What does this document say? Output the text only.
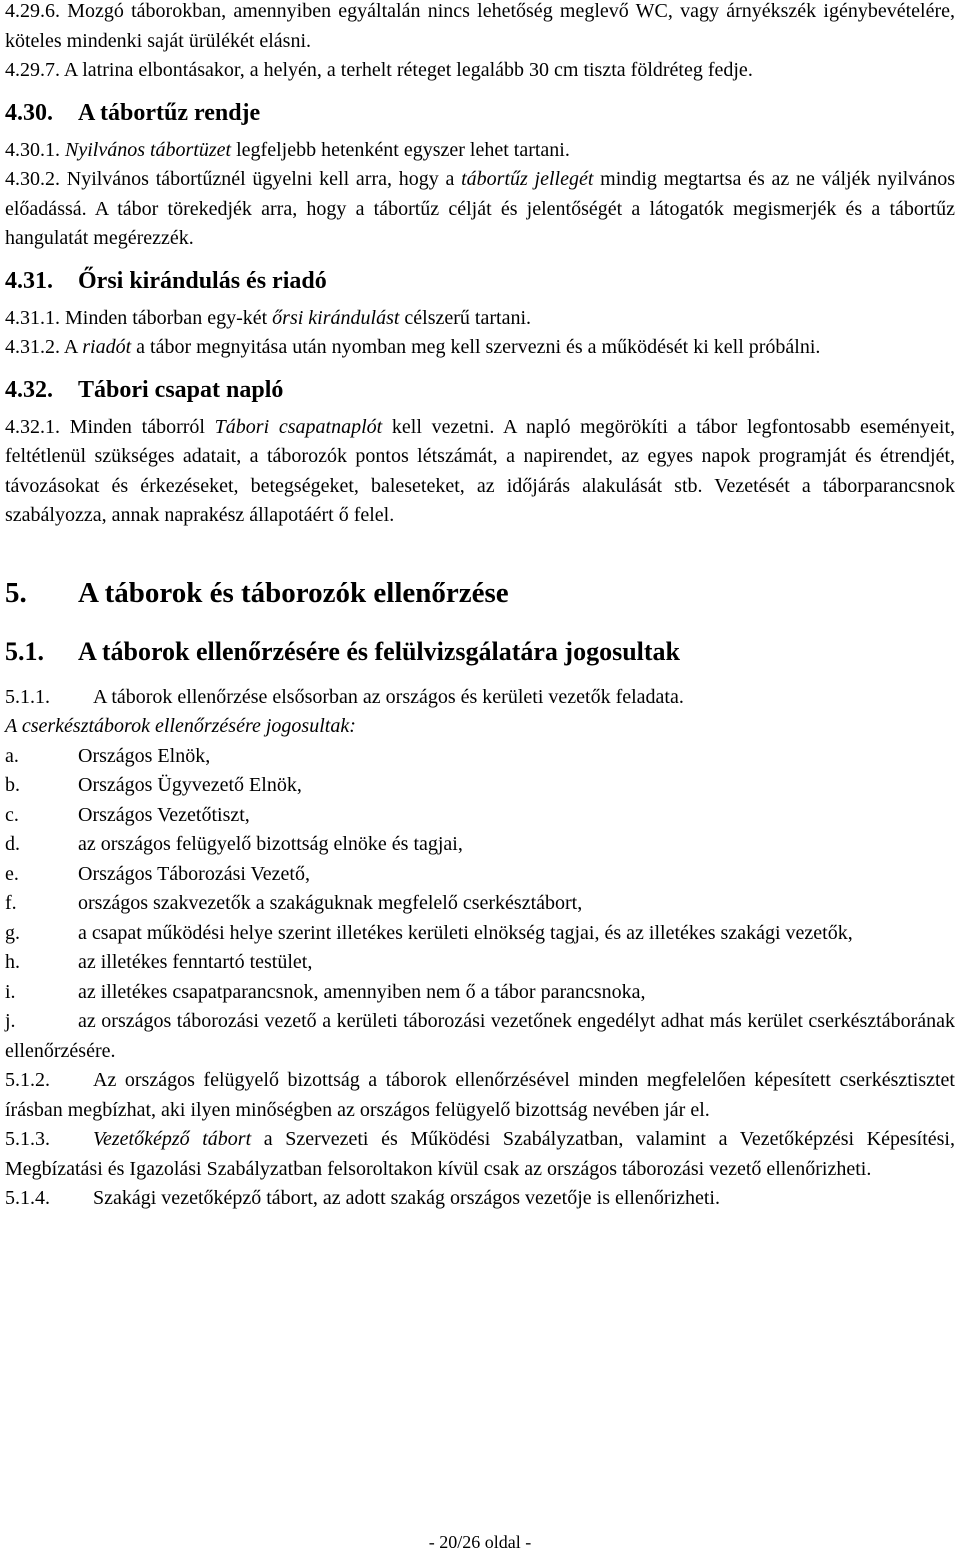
4.29.6. Mozgó táborokban, amennyiben egyáltalán nincs lehetőség meglevő WC, vagy árnyékszék igénybevételére, köteles mindenki saját ürülékét elásni.

4.29.7. A latrina elbontásakor, a helyén, a terhelt réteget legalább 30 cm tiszta földréteg fedje.

4.30. A tábortűz rendje

4.30.1. Nyilvános tábortüzet legfeljebb hetenként egyszer lehet tartani.

4.30.2. Nyilvános tábortűznél ügyelni kell arra, hogy a tábortűz jellegét mindig megtartsa és az ne váljék nyilvános előadássá. A tábor törekedjék arra, hogy a tábortűz célját és jelentőségét a látogatók megismerjék és a tábortűz hangulatát megérezzék.

4.31. Őrsi kirándulás és riadó

4.31.1. Minden táborban egy-két őrsi kirándulást célszerű tartani.

4.31.2. A riadót a tábor megnyitása után nyomban meg kell szervezni és a működését ki kell próbálni.

4.32. Tábori csapat napló

4.32.1. Minden táborról Tábori csapatnaplót kell vezetni. A napló megörökíti a tábor legfontosabb eseményeit, feltétlenül szükséges adatait, a táborozók pontos létszámát, a napirendet, az egyes napok programját és étrendjét, távozásokat és érkezéseket, betegségeket, baleseteket, az időjárás alakulását stb. Vezetését a táborparancsnok szabályozza, annak naprakész állapotáért ő felel.

5. A táborok és táborozók ellenőrzése

5.1. A táborok ellenőrzésére és felülvizsgálatára jogosultak

5.1.1. A táborok ellenőrzése elsősorban az országos és kerületi vezetők feladata.

A cserkésztáborok ellenőrzésére jogosultak:

a.	Országos Elnök,

b.	Országos Ügyvezető Elnök,

c.	Országos Vezetőtiszt,

d.	az országos felügyelő bizottság elnöke és tagjai,

e.	Országos Táborozási Vezető,

f.	országos szakvezetők a szakáguknak megfelelő cserkésztábort,

g.	a csapat működési helye szerint illetékes kerületi elnökség tagjai, és az illetékes szakági vezetők,

h.	az illetékes fenntartó testület,

i.	az illetékes csapatparancsnok, amennyiben nem ő a tábor parancsnoka,

j.	az országos táborozási vezető a kerületi táborozási vezetőnek engedélyt adhat más kerület cserkésztáborának ellenőrzésére.

5.1.2. Az országos felügyelő bizottság a táborok ellenőrzésével minden megfelelően képesített cserkésztisztet írásban megbízhat, aki ilyen minőségben az országos felügyelő bizottság nevében jár el.

5.1.3. Vezetőképző tábort a Szervezeti és Működési Szabályzatban, valamint a Vezetőképzési Képesítési, Megbízatási és Igazolási Szabályzatban felsoroltakon kívül csak az országos táborozási vezető ellenőrizheti.

5.1.4. Szakági vezetőképző tábort, az adott szakág országos vezetője is ellenőrizheti.

- 20/26 oldal -
